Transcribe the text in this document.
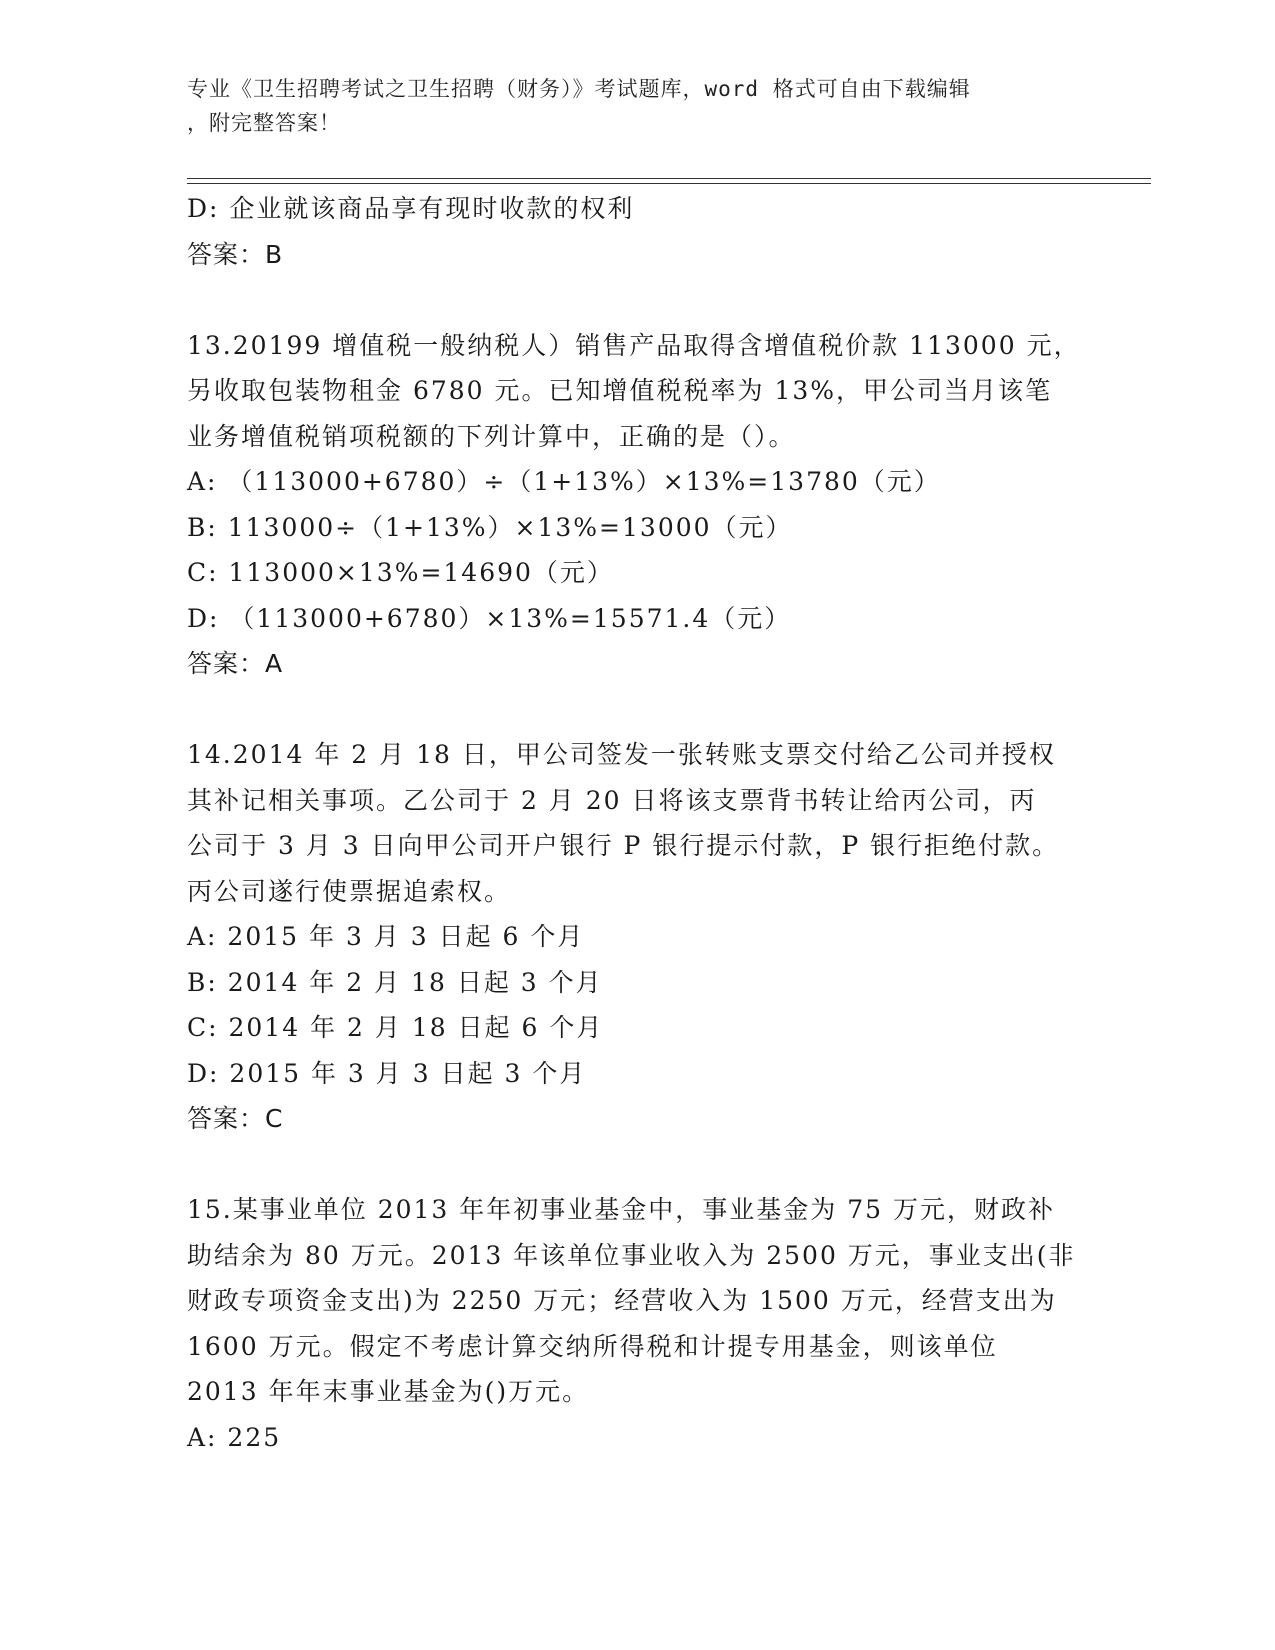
专业《卫生招聘考试之卫生招聘（财务）》考试题库，word 格式可自由下载编辑
，附完整答案！
D: 企业就该商品享有现时收款的权利
答案：B
13.20199 增值税一般纳税人）销售产品取得含增值税价款 113000 元，
另收取包装物租金 6780 元。已知增值税税率为 13%，甲公司当月该笔
业务增值税销项税额的下列计算中，正确的是（）。
A: （113000+6780）÷（1+13%）×13%=13780（元）
B: 113000÷（1+13%）×13%=13000（元）
C: 113000×13%=14690（元）
D: （113000+6780）×13%=15571.4（元）
答案：A
14.2014 年 2 月 18 日，甲公司签发一张转账支票交付给乙公司并授权
其补记相关事项。乙公司于 2 月 20 日将该支票背书转让给丙公司，丙
公司于 3 月 3 日向甲公司开户银行 P 银行提示付款，P 银行拒绝付款。
丙公司遂行使票据追索权。
A: 2015 年 3 月 3 日起 6 个月
B: 2014 年 2 月 18 日起 3 个月
C: 2014 年 2 月 18 日起 6 个月
D: 2015 年 3 月 3 日起 3 个月
答案：C
15.某事业单位 2013 年年初事业基金中，事业基金为 75 万元，财政补
助结余为 80 万元。2013 年该单位事业收入为 2500 万元，事业支出(非
财政专项资金支出)为 2250 万元；经营收入为 1500 万元，经营支出为
1600 万元。假定不考虑计算交纳所得税和计提专用基金，则该单位
2013 年年末事业基金为()万元。
A: 225
